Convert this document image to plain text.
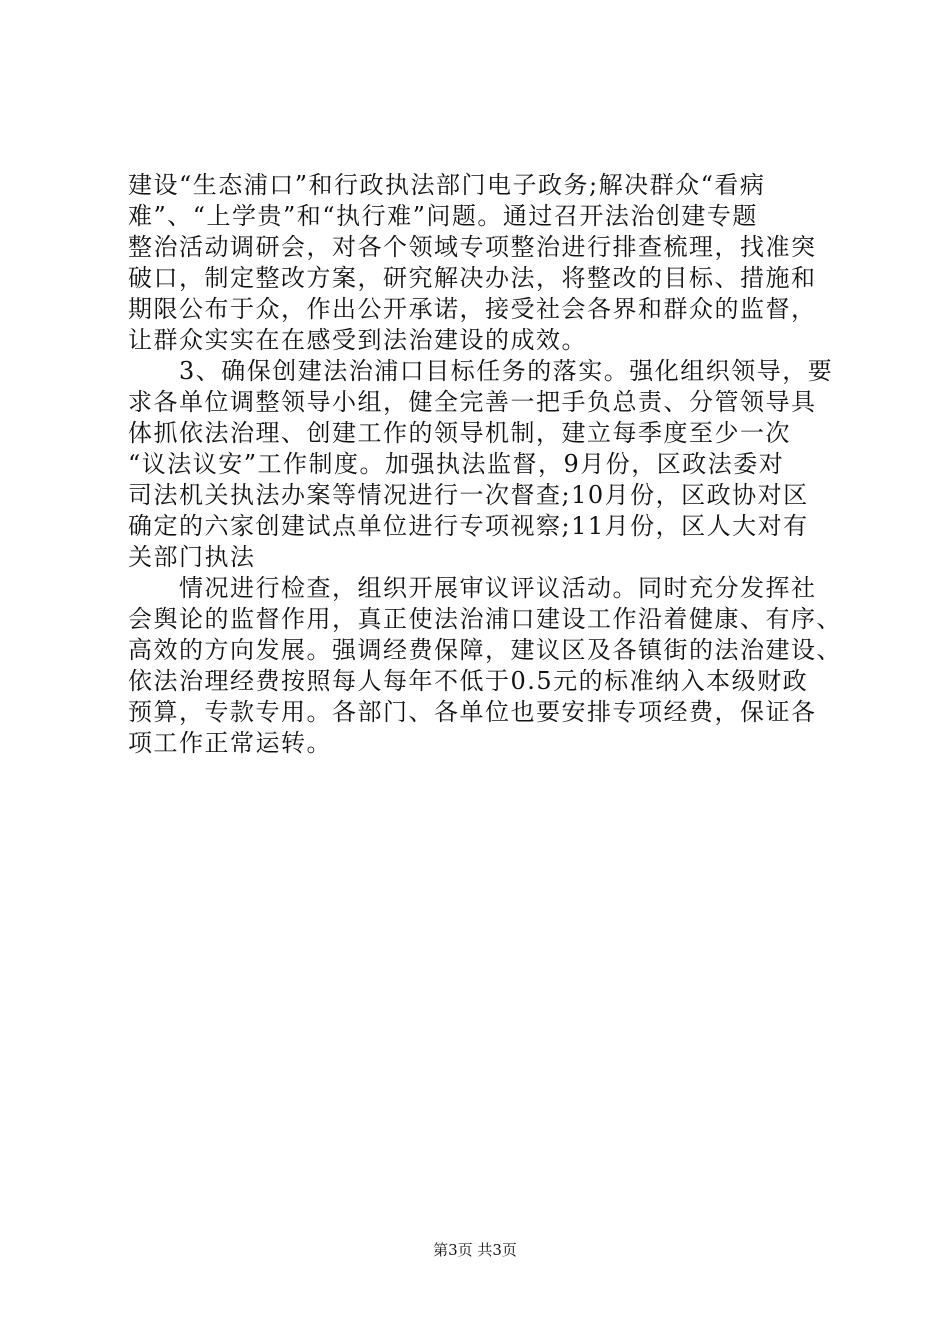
建设“生态浦口”和行政执法部门电子政务;解决群众“看病
难”、“上学贵”和“执行难”问题。通过召开法治创建专题
整治活动调研会，对各个领域专项整治进行排查梳理，找准突
破口，制定整改方案，研究解决办法，将整改的目标、措施和
期限公布于众，作出公开承诺，接受社会各界和群众的监督，
让群众实实在在感受到法治建设的成效。
　　3、确保创建法治浦口目标任务的落实。强化组织领导，要
求各单位调整领导小组，健全完善一把手负总责、分管领导具
体抓依法治理、创建工作的领导机制，建立每季度至少一次
“议法议安”工作制度。加强执法监督，9月份，区政法委对
司法机关执法办案等情况进行一次督查;10月份，区政协对区
确定的六家创建试点单位进行专项视察;11月份，区人大对有
关部门执法
　　情况进行检查，组织开展审议评议活动。同时充分发挥社
会舆论的监督作用，真正使法治浦口建设工作沿着健康、有序、
高效的方向发展。强调经费保障，建议区及各镇街的法治建设、
依法治理经费按照每人每年不低于0.5元的标准纳入本级财政
预算，专款专用。各部门、各单位也要安排专项经费，保证各
项工作正常运转。
第3页 共3页
